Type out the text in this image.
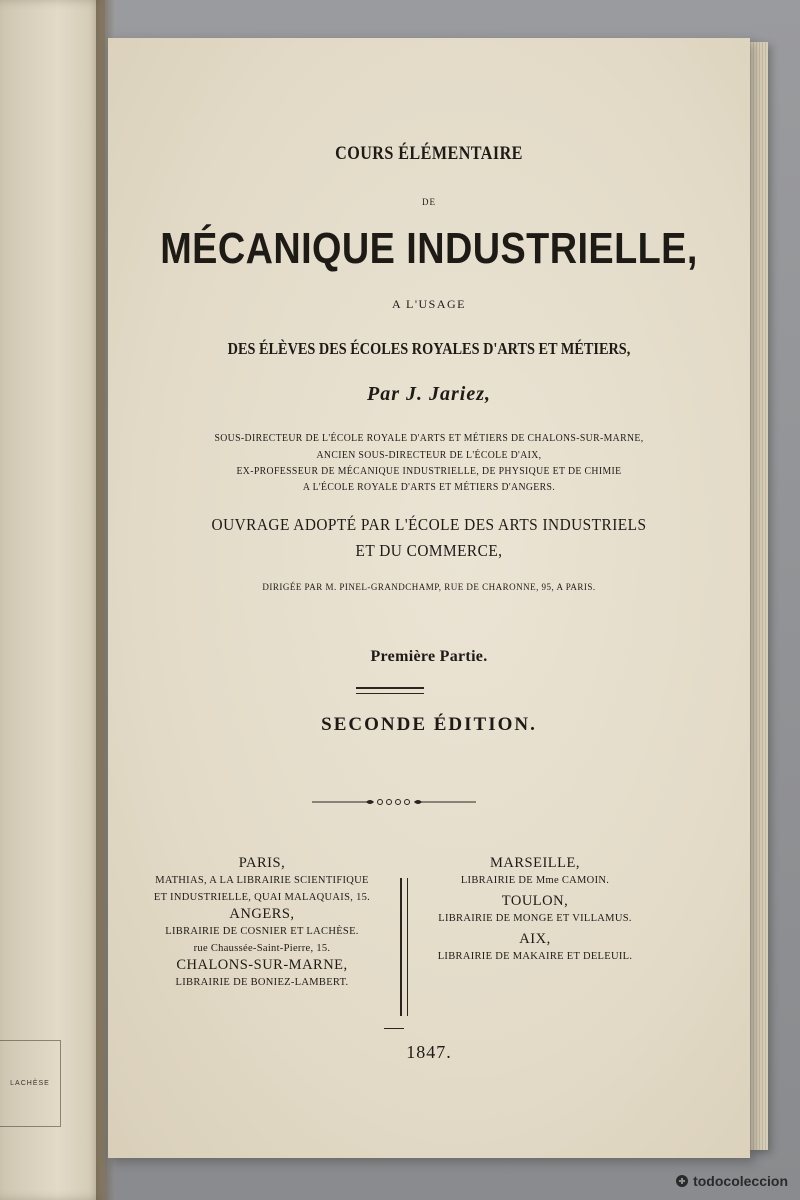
LACHÈSE
COURS ÉLÉMENTAIRE
DE
MÉCANIQUE INDUSTRIELLE,
A L'USAGE
DES ÉLÈVES DES ÉCOLES ROYALES D'ARTS ET MÉTIERS,
Par J. Jariez,
SOUS-DIRECTEUR DE L'ÉCOLE ROYALE D'ARTS ET MÉTIERS DE CHALONS-SUR-MARNE,
ANCIEN SOUS-DIRECTEUR DE L'ÉCOLE D'AIX,
EX-PROFESSEUR DE MÉCANIQUE INDUSTRIELLE, DE PHYSIQUE ET DE CHIMIE
A L'ÉCOLE ROYALE D'ARTS ET MÉTIERS D'ANGERS.
OUVRAGE ADOPTÉ PAR L'ÉCOLE DES ARTS INDUSTRIELS
ET DU COMMERCE,
DIRIGÉE PAR M. PINEL-GRANDCHAMP, RUE DE CHARONNE, 95, A PARIS.
Première Partie.
SECONDE ÉDITION.
PARIS,
MATHIAS, A LA LIBRAIRIE SCIENTIFIQUE
ET INDUSTRIELLE, QUAI MALAQUAIS, 15.
ANGERS,
LIBRAIRIE DE COSNIER ET LACHÈSE.
rue Chaussée-Saint-Pierre, 15.
CHALONS-SUR-MARNE,
LIBRAIRIE DE BONIEZ-LAMBERT.
MARSEILLE,
LIBRAIRIE DE Mme CAMOIN.
TOULON,
LIBRAIRIE DE MONGE ET VILLAMUS.
AIX,
LIBRAIRIE DE MAKAIRE ET DELEUIL.
1847.
todocoleccion
